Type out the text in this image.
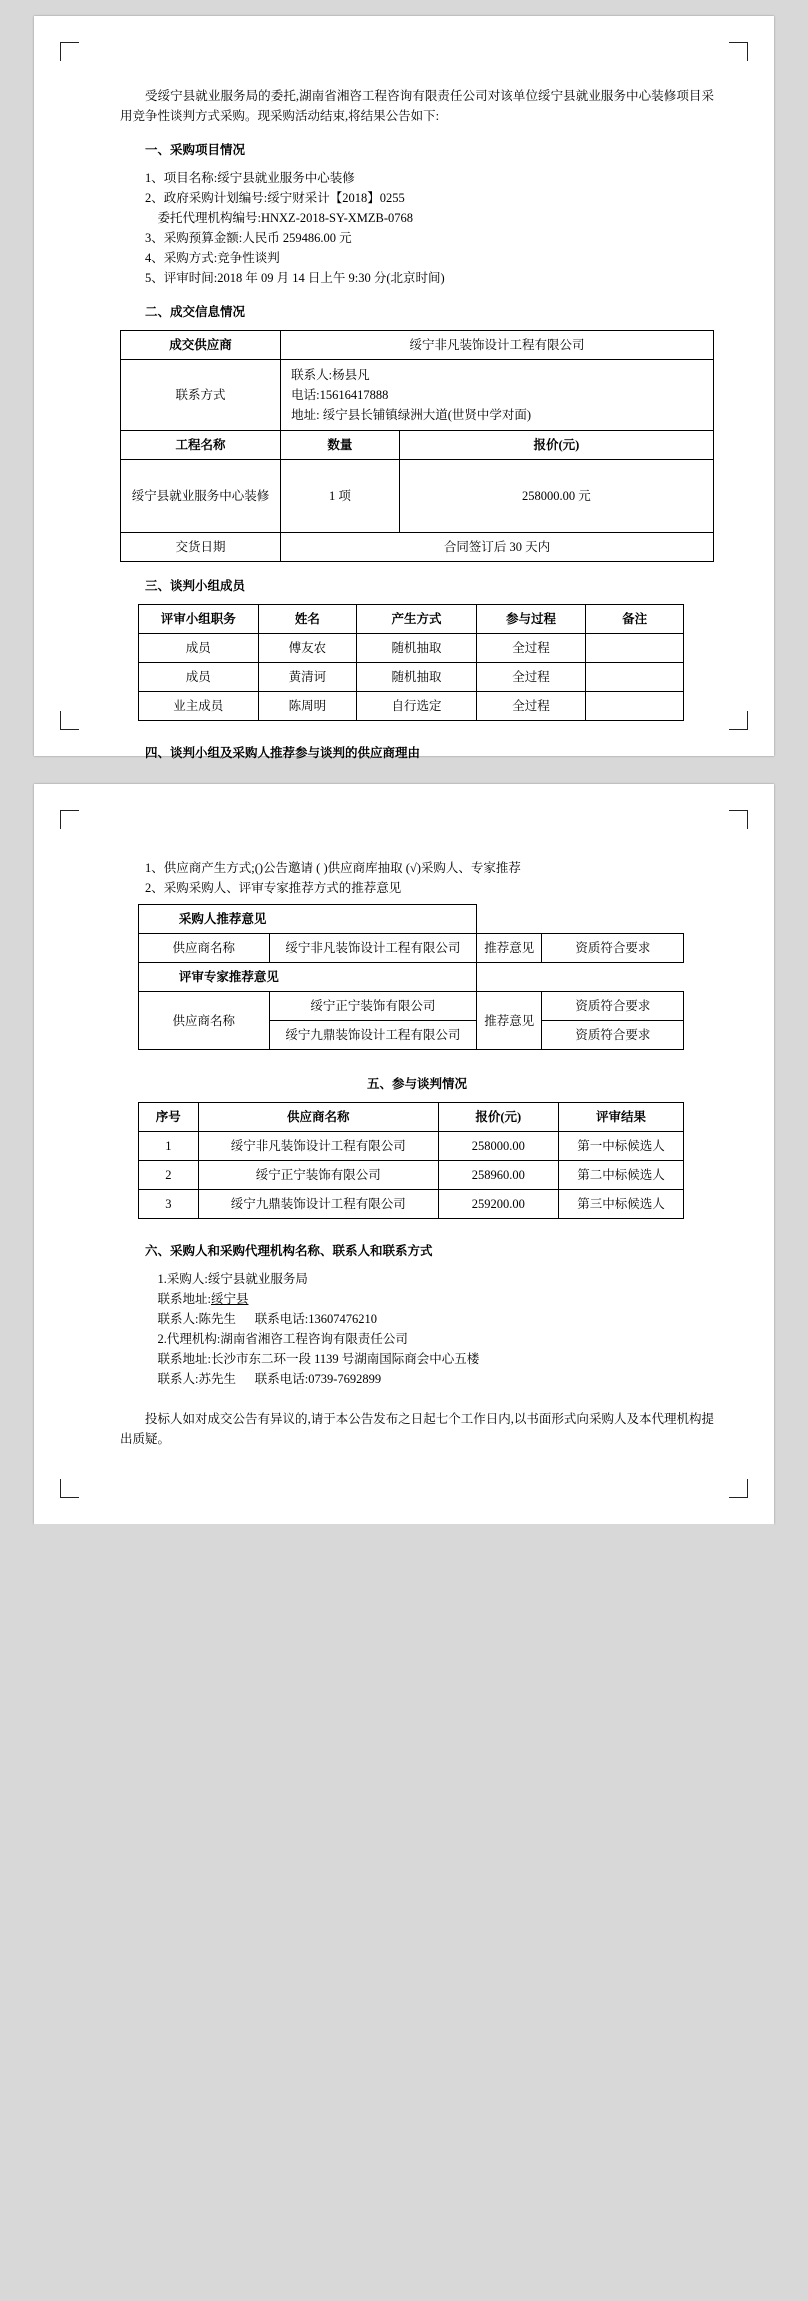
受绥宁县就业服务局的委托,湖南省湘咨工程咨询有限责任公司对该单位绥宁县就业服务中心装修项目采用竞争性谈判方式采购。现采购活动结束,将结果公告如下:

一、采购项目情况

1、项目名称:绥宁县就业服务中心装修

2、政府采购计划编号:绥宁财采计【2018】0255

委托代理机构编号:HNXZ-2018-SY-XMZB-0768

3、采购预算金额:人民币 259486.00 元

4、采购方式:竞争性谈判

5、评审时间:2018 年 09 月 14 日上午 9:30 分(北京时间)

二、成交信息情况
成交供应商	绥宁非凡装饰设计工程有限公司	
联系方式	联系人:杨县凡
电话:15616417888
地址: 绥宁县长铺镇绿洲大道(世贤中学对面)	

工程名称	数量	报价(元)
绥宁县就业服务中心装修	1 项	258000.00 元
交货日期	合同签订后 30 天内	
三、谈判小组成员
评审小组职务	姓名	产生方式	参与过程	备注
成员	傅友农	随机抽取	全过程	
成员	黄清诃	随机抽取	全过程	
业主成员	陈周明	自行选定	全过程	
四、谈判小组及采购人推荐参与谈判的供应商理由

1、供应商产生方式;()公告邀请 ( )供应商库抽取 (√)采购人、专家推荐

2、采购采购人、评审专家推荐方式的推荐意见

采购人推荐意见			
供应商名称	绥宁非凡装饰设计工程有限公司	推荐意见	资质符合要求
评审专家推荐意见			
供应商名称	绥宁正宁装饰有限公司	推荐意见	资质符合要求
	绥宁九鼎装饰设计工程有限公司		资质符合要求
五、参与谈判情况
序号	供应商名称	报价(元)	评审结果
1	绥宁非凡装饰设计工程有限公司	258000.00	第一中标候选人
2	绥宁正宁装饰有限公司	258960.00	第二中标候选人
3	绥宁九鼎装饰设计工程有限公司	259200.00	第三中标候选人
六、采购人和采购代理机构名称、联系人和联系方式

1.采购人:绥宁县就业服务局

联系地址:绥宁县

联系人:陈先生 联系电话:13607476210

2.代理机构:湖南省湘咨工程咨询有限责任公司

联系地址:长沙市东二环一段 1139 号湖南国际商会中心五楼

联系人:苏先生 联系电话:0739-7692899

投标人如对成交公告有异议的,请于本公告发布之日起七个工作日内,以书面形式向采购人及本代理机构提出质疑。
